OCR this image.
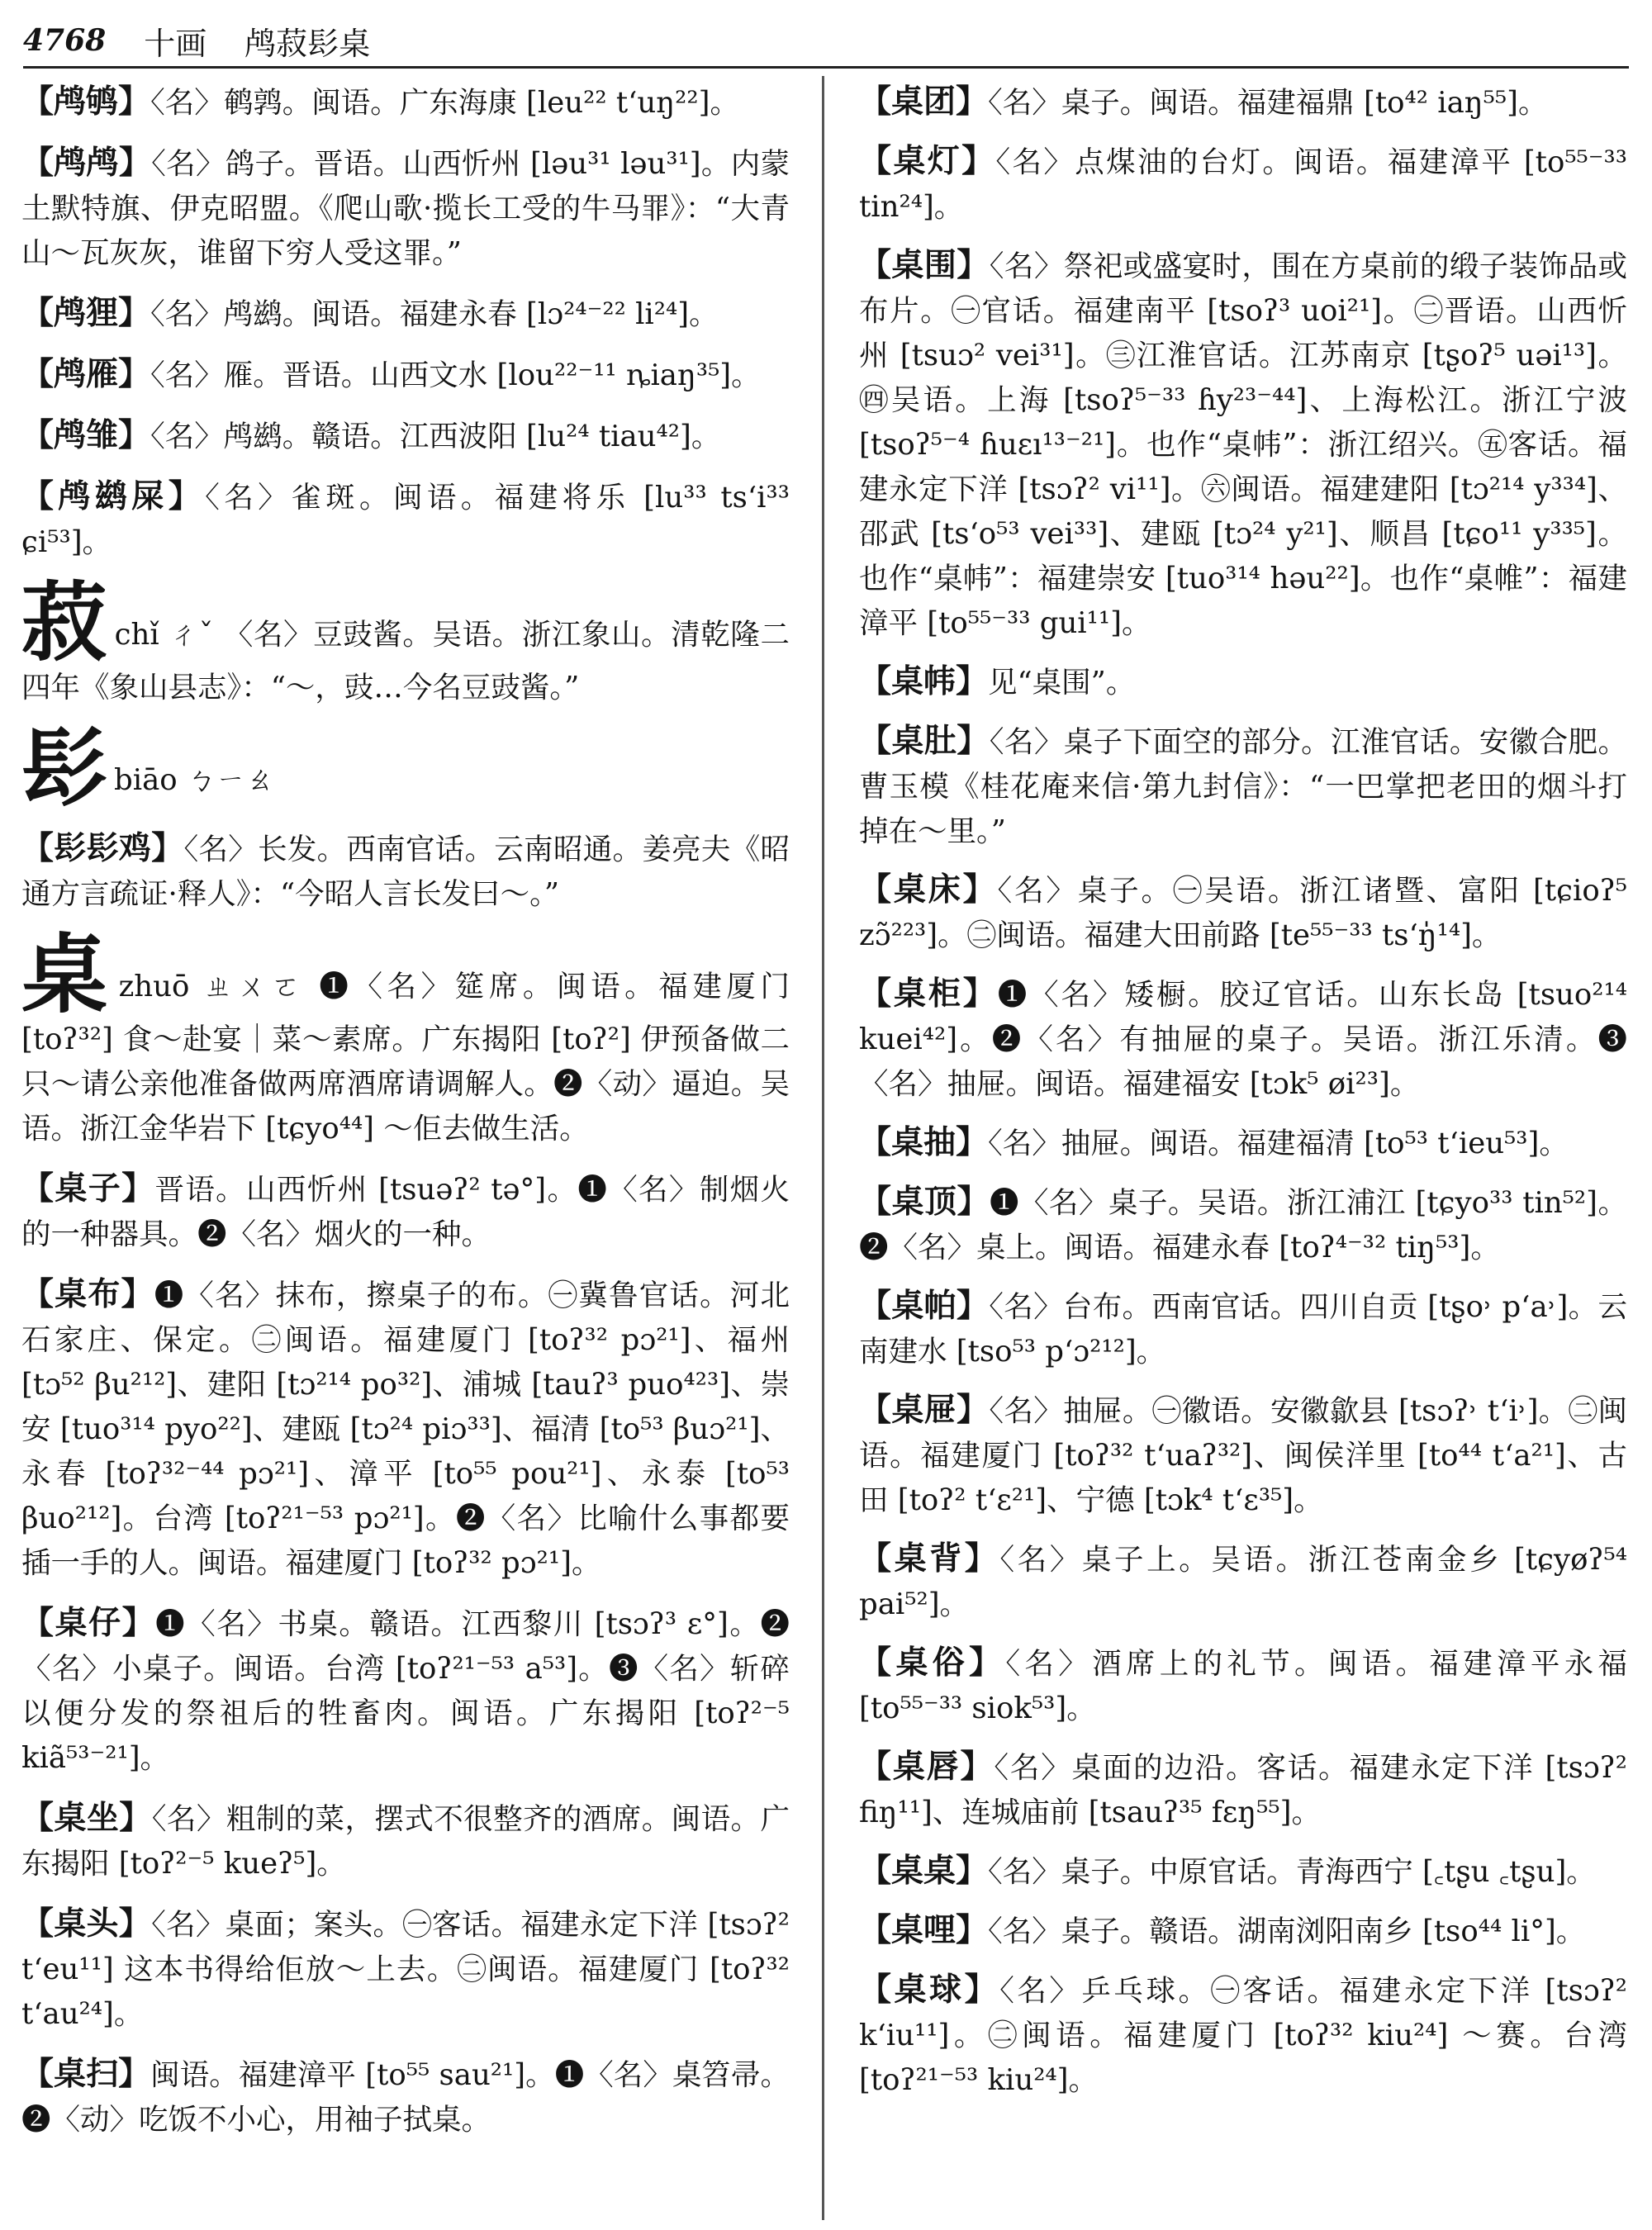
4768 十画 鸬菽髟桌

【鸬鸲】〈名〉鹌鹑。闽语。广东海康 [leu²² tʻuŋ²²]。

【鸬鸬】〈名〉鸽子。晋语。山西忻州 [ləu³¹ ləu³¹]。内蒙土默特旗、伊克昭盟。《爬山歌·揽长工受的牛马罪》：“大青山～瓦灰灰，谁留下穷人受这罪。”

【鸬狸】〈名〉鸬鹚。闽语。福建永春 [lɔ²⁴⁻²² li²⁴]。

【鸬雁】〈名〉雁。晋语。山西文水 [lou²²⁻¹¹ ȵiaŋ³⁵]。

【鸬雏】〈名〉鸬鹚。赣语。江西波阳 [lu²⁴ tiau⁴²]。

【鸬鹚屎】〈名〉雀斑。闽语。福建将乐 [lu³³ tsʻi³³ ɕi⁵³]。

菽chǐ ㄔˇ 〈名〉豆豉酱。吴语。浙江象山。清乾隆二四年《象山县志》：“～，豉…今名豆豉酱。”

髟biāo ㄅㄧㄠ

【髟髟鸡】〈名〉长发。西南官话。云南昭通。姜亮夫《昭通方言疏证·释人》：“今昭人言长发曰～。”

桌zhuō ㄓㄨㄛ ❶〈名〉筵席。闽语。福建厦门 [toʔ³²] 食～赴宴｜菜～素席。广东揭阳 [toʔ²] 伊预备做二只～请公亲他准备做两席酒席请调解人。❷〈动〉逼迫。吴语。浙江金华岩下 [tɕyo⁴⁴] ～佢去做生活。

【桌子】晋语。山西忻州 [tsuəʔ² tə°]。❶〈名〉制烟火的一种器具。❷〈名〉烟火的一种。

【桌布】❶〈名〉抹布，擦桌子的布。㊀冀鲁官话。河北石家庄、保定。㊁闽语。福建厦门 [toʔ³² pɔ²¹]、福州 [tɔ⁵² βu²¹²]、建阳 [tɔ²¹⁴ po³²]、浦城 [tauʔ³ puo⁴²³]、崇安 [tuo³¹⁴ pyo²²]、建瓯 [tɔ²⁴ piɔ³³]、福清 [to⁵³ βuɔ²¹]、永春 [toʔ³²⁻⁴⁴ pɔ²¹]、漳平 [to⁵⁵ pou²¹]、永泰 [to⁵³ βuo²¹²]。台湾 [toʔ²¹⁻⁵³ pɔ²¹]。❷〈名〉比喻什么事都要插一手的人。闽语。福建厦门 [toʔ³² pɔ²¹]。

【桌仔】❶〈名〉书桌。赣语。江西黎川 [tsɔʔ³ ɛ°]。❷〈名〉小桌子。闽语。台湾 [toʔ²¹⁻⁵³ a⁵³]。❸〈名〉斩碎以便分发的祭祖后的牲畜肉。闽语。广东揭阳 [toʔ²⁻⁵ kiã⁵³⁻²¹]。

【桌坐】〈名〉粗制的菜，摆式不很整齐的酒席。闽语。广东揭阳 [toʔ²⁻⁵ kueʔ⁵]。

【桌头】〈名〉桌面；案头。㊀客话。福建永定下洋 [tsɔʔ² tʻeu¹¹] 这本书得给佢放～上去。㊁闽语。福建厦门 [toʔ³² tʻau²⁴]。

【桌扫】闽语。福建漳平 [to⁵⁵ sau²¹]。❶〈名〉桌笤帚。❷〈动〉吃饭不小心，用袖子拭桌。

【桌团】〈名〉桌子。闽语。福建福鼎 [to⁴² iaŋ⁵⁵]。

【桌灯】〈名〉点煤油的台灯。闽语。福建漳平 [to⁵⁵⁻³³ tin²⁴]。

【桌围】〈名〉祭祀或盛宴时，围在方桌前的缎子装饰品或布片。㊀官话。福建南平 [tsoʔ³ uoi²¹]。㊁晋语。山西忻州 [tsuɔ² vei³¹]。㊂江淮官话。江苏南京 [tʂoʔ⁵ uəi¹³]。㊃吴语。上海 [tsoʔ⁵⁻³³ ɦy²³⁻⁴⁴]、上海松江。浙江宁波 [tsoʔ⁵⁻⁴ ɦuɛı¹³⁻²¹]。也作“桌帏”：浙江绍兴。㊄客话。福建永定下洋 [tsɔʔ² vi¹¹]。㊅闽语。福建建阳 [tɔ²¹⁴ y³³⁴]、邵武 [tsʻo⁵³ vei³³]、建瓯 [tɔ²⁴ y²¹]、顺昌 [tɕo¹¹ y³³⁵]。也作“桌帏”：福建崇安 [tuo³¹⁴ həu²²]。也作“桌帷”：福建漳平 [to⁵⁵⁻³³ gui¹¹]。

【桌帏】见“桌围”。

【桌肚】〈名〉桌子下面空的部分。江淮官话。安徽合肥。曹玉模《桂花庵来信·第九封信》：“一巴掌把老田的烟斗打掉在～里。”

【桌床】〈名〉桌子。㊀吴语。浙江诸暨、富阳 [tɕioʔ⁵ zɔ̃²²³]。㊁闽语。福建大田前路 [te⁵⁵⁻³³ tsʻŋ̍¹⁴]。

【桌柜】❶〈名〉矮橱。胶辽官话。山东长岛 [tsuo²¹⁴ kuei⁴²]。❷〈名〉有抽屉的桌子。吴语。浙江乐清。❸〈名〉抽屉。闽语。福建福安 [tɔk⁵ øi²³]。

【桌抽】〈名〉抽屉。闽语。福建福清 [to⁵³ tʻieu⁵³]。

【桌顶】❶〈名〉桌子。吴语。浙江浦江 [tɕyo³³ tin⁵²]。❷〈名〉桌上。闽语。福建永春 [toʔ⁴⁻³² tiŋ⁵³]。

【桌帕】〈名〉台布。西南官话。四川自贡 [tʂo˒ pʻa˒]。云南建水 [tso⁵³ pʻɔ²¹²]。

【桌屉】〈名〉抽屉。㊀徽语。安徽歙县 [tsɔʔ˒ tʻi˒]。㊁闽语。福建厦门 [toʔ³² tʻuaʔ³²]、闽侯洋里 [to⁴⁴ tʻa²¹]、古田 [toʔ² tʻɛ²¹]、宁德 [tɔk⁴ tʻɛ³⁵]。

【桌背】〈名〉桌子上。吴语。浙江苍南金乡 [tɕyøʔ⁵⁴ pai⁵²]。

【桌俗】〈名〉酒席上的礼节。闽语。福建漳平永福 [to⁵⁵⁻³³ siok⁵³]。

【桌唇】〈名〉桌面的边沿。客话。福建永定下洋 [tsɔʔ² fiŋ¹¹]、连城庙前 [tsauʔ³⁵ fɛŋ⁵⁵]。

【桌桌】〈名〉桌子。中原官话。青海西宁 [꜀tʂu ꜀tʂu]。

【桌哩】〈名〉桌子。赣语。湖南浏阳南乡 [tso⁴⁴ li°]。

【桌球】〈名〉乒乓球。㊀客话。福建永定下洋 [tsɔʔ² kʻiu¹¹]。㊁闽语。福建厦门 [toʔ³² kiu²⁴] ～赛。台湾 [toʔ²¹⁻⁵³ kiu²⁴]。
